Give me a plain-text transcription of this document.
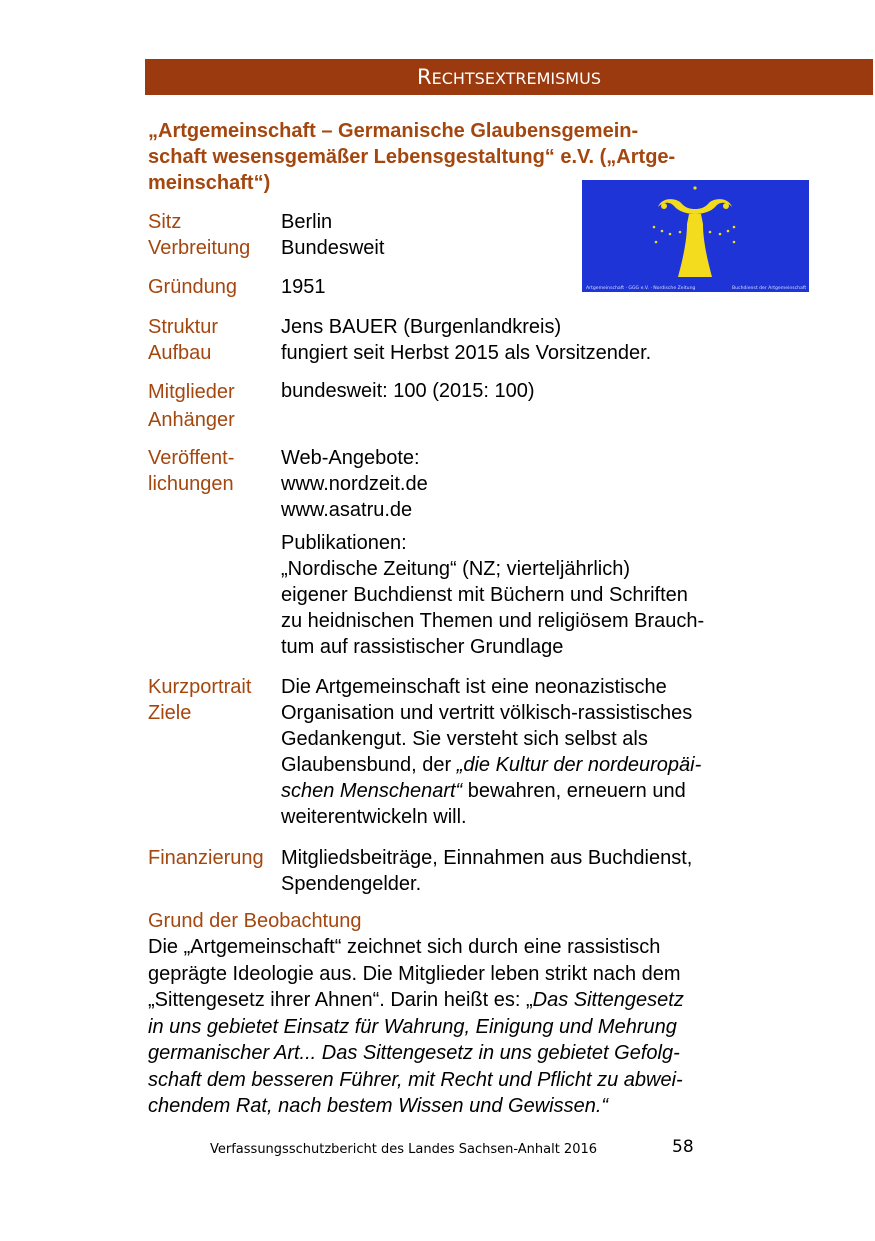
RECHTSEXTREMISMUS
„Artgemeinschaft – Germanische Glaubensgemein-
schaft wesensgemäßer Lebensgestaltung“ e.V. („Artge-
meinschaft“)
Artgemeinschaft · GGG e.V. · Nordische Zeitung	Buchdienst der Artgemeinschaft
Sitz
Verbreitung
Berlin
Bundesweit
Gründung 1951
Struktur
Aufbau
Jens BAUER (Burgenlandkreis)
fungiert seit Herbst 2015 als Vorsitzender.
Mitglieder
Anhänger
bundesweit: 100 (2015: 100)
Veröffent-
lichungen
Web-Angebote:
www.nordzeit.de
www.asatru.de
Publikationen:
„Nordische Zeitung“ (NZ; vierteljährlich)
eigener Buchdienst mit Büchern und Schriften
zu heidnischen Themen und religiösem Brauch-
tum auf rassistischer Grundlage
Kurzportrait
Ziele
Die Artgemeinschaft ist eine neonazistische
Organisation und vertritt völkisch-rassistisches
Gedankengut. Sie versteht sich selbst als
Glaubensbund, der „die Kultur der nordeuropäi-
schen Menschenart“ bewahren, erneuern und
weiterentwickeln will.
Finanzierung Mitgliedsbeiträge, Einnahmen aus Buchdienst,
Spendengelder.
Grund der Beobachtung
Die „Artgemeinschaft“ zeichnet sich durch eine rassistisch
geprägte Ideologie aus. Die Mitglieder leben strikt nach dem
„Sittengesetz ihrer Ahnen“. Darin heißt es: „Das Sittengesetz
in uns gebietet Einsatz für Wahrung, Einigung und Mehrung
germanischer Art... Das Sittengesetz in uns gebietet Gefolg-
schaft dem besseren Führer, mit Recht und Pflicht zu abwei-
chendem Rat, nach bestem Wissen und Gewissen.“
Verfassungsschutzbericht des Landes Sachsen-Anhalt 2016	58
